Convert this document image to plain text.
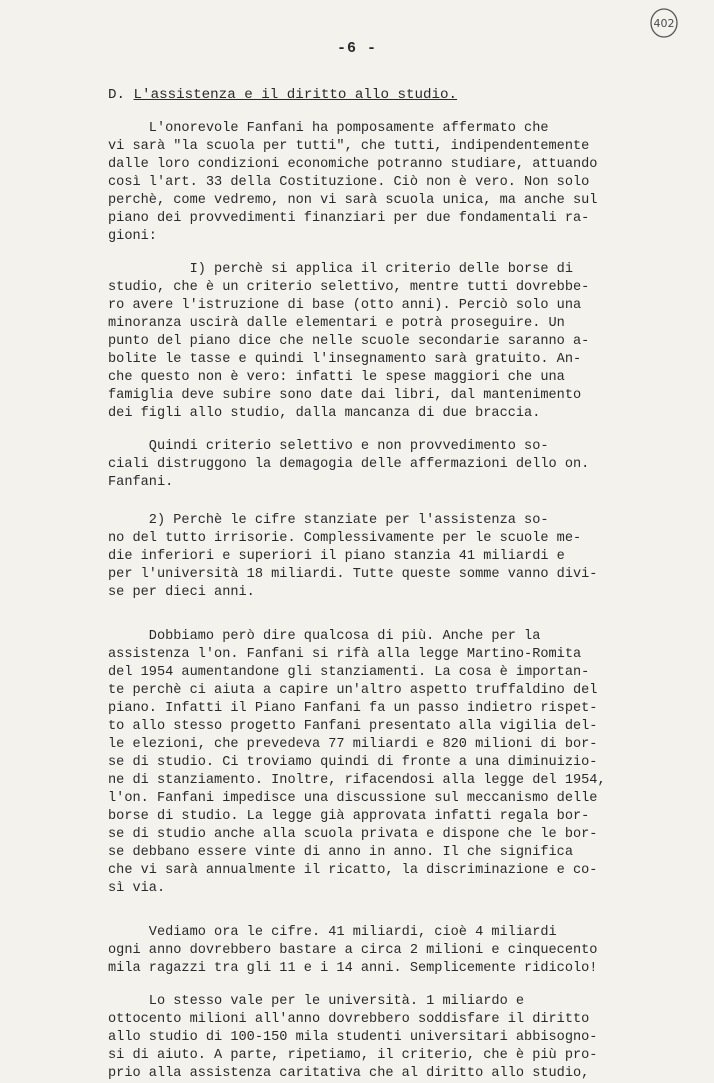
402
-6 -
D. L'assistenza e il diritto allo studio.
L'onorevole Fanfani ha pomposamente affermato che
vi sarà "la scuola per tutti", che tutti, indipendentemente
dalle loro condizioni economiche potranno studiare, attuando
così l'art. 33 della Costituzione. Ciò non è vero. Non solo
perchè, come vedremo, non vi sarà scuola unica, ma anche sul
piano dei provvedimenti finanziari per due fondamentali ra-
gioni:
I) perchè si applica il criterio delle borse di
studio, che è un criterio selettivo, mentre tutti dovrebbe-
ro avere l'istruzione di base (otto anni). Perciò solo una
minoranza uscirà dalle elementari e potrà proseguire. Un
punto del piano dice che nelle scuole secondarie saranno a-
bolite le tasse e quindi l'insegnamento sarà gratuito. An-
che questo non è vero: infatti le spese maggiori che una
famiglia deve subire sono date dai libri, dal mantenimento
dei figli allo studio, dalla mancanza di due braccia.
Quindi criterio selettivo e non provvedimento so-
ciali distruggono la demagogia delle affermazioni dello on.
Fanfani.
2) Perchè le cifre stanziate per l'assistenza so-
no del tutto irrisorie. Complessivamente per le scuole me-
die inferiori e superiori il piano stanzia 41 miliardi e
per l'università 18 miliardi. Tutte queste somme vanno divi-
se per dieci anni.
Dobbiamo però dire qualcosa di più. Anche per la
assistenza l'on. Fanfani si rifà alla legge Martino-Romita
del 1954 aumentandone gli stanziamenti. La cosa è importan-
te perchè ci aiuta a capire un'altro aspetto truffaldino del
piano. Infatti il Piano Fanfani fa un passo indietro rispet-
to allo stesso progetto Fanfani presentato alla vigilia del-
le elezioni, che prevedeva 77 miliardi e 820 milioni di bor-
se di studio. Ci troviamo quindi di fronte a una diminuizio-
ne di stanziamento. Inoltre, rifacendosi alla legge del 1954,
l'on. Fanfani impedisce una discussione sul meccanismo delle
borse di studio. La legge già approvata infatti regala bor-
se di studio anche alla scuola privata e dispone che le bor-
se debbano essere vinte di anno in anno. Il che significa
che vi sarà annualmente il ricatto, la discriminazione e co-
sì via.
Vediamo ora le cifre. 41 miliardi, cioè 4 miliardi
ogni anno dovrebbero bastare a circa 2 milioni e cinquecento
mila ragazzi tra gli 11 e i 14 anni. Semplicemente ridicolo!
Lo stesso vale per le università. 1 miliardo e
ottocento milioni all'anno dovrebbero soddisfare il diritto
allo studio di 100-150 mila studenti universitari abbisogno-
si di aiuto. A parte, ripetiamo, il criterio, che è più pro-
prio alla assistenza caritativa che al diritto allo studio,
